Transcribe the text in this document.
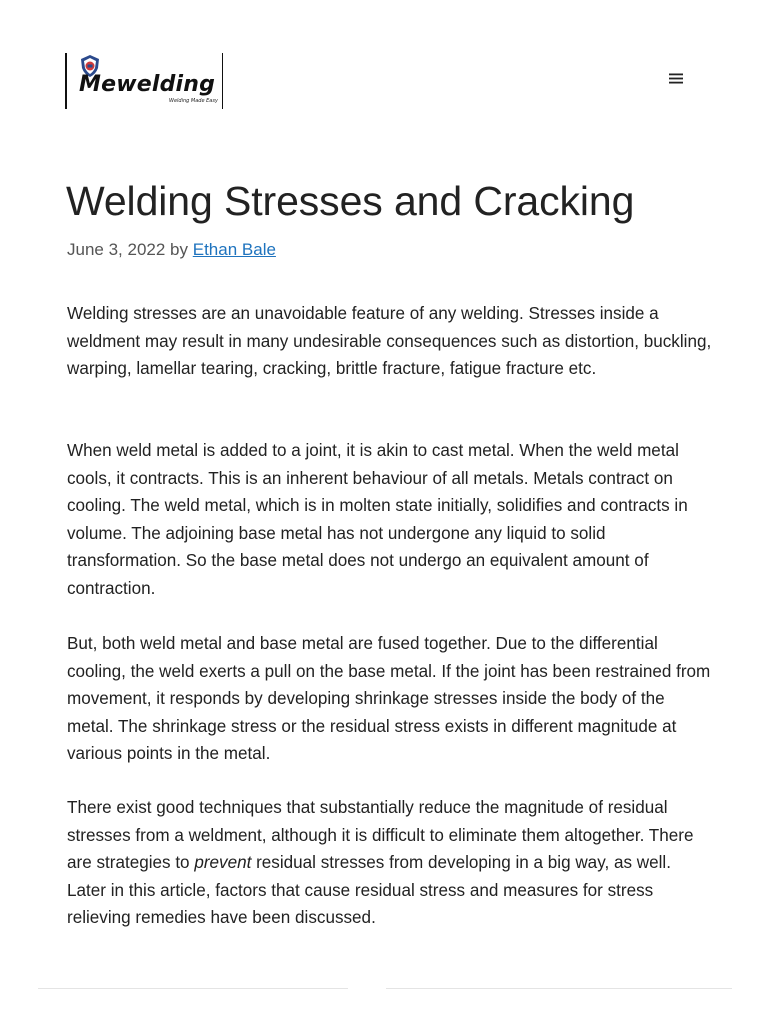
Mewelding
Welding Made Easy
Welding Stresses and Cracking
June 3, 2022 by Ethan Bale

Welding stresses are an unavoidable feature of any welding. Stresses inside a weldment may result in many undesirable consequences such as distortion, buckling, warping, lamellar tearing, cracking, brittle fracture, fatigue fracture etc.

When weld metal is added to a joint, it is akin to cast metal. When the weld metal cools, it contracts. This is an inherent behaviour of all metals. Metals contract on cooling. The weld metal, which is in molten state initially, solidifies and contracts in volume. The adjoining base metal has not undergone any liquid to solid transformation. So the base metal does not undergo an equivalent amount of contraction.

But, both weld metal and base metal are fused together. Due to the differential cooling, the weld exerts a pull on the base metal. If the joint has been restrained from movement, it responds by developing shrinkage stresses inside the body of the metal. The shrinkage stress or the residual stress exists in different magnitude at various points in the metal.

There exist good techniques that substantially reduce the magnitude of residual stresses from a weldment, although it is difficult to eliminate them altogether. There are strategies to prevent residual stresses from developing in a big way, as well. Later in this article, factors that cause residual stress and measures for stress relieving remedies have been discussed.
